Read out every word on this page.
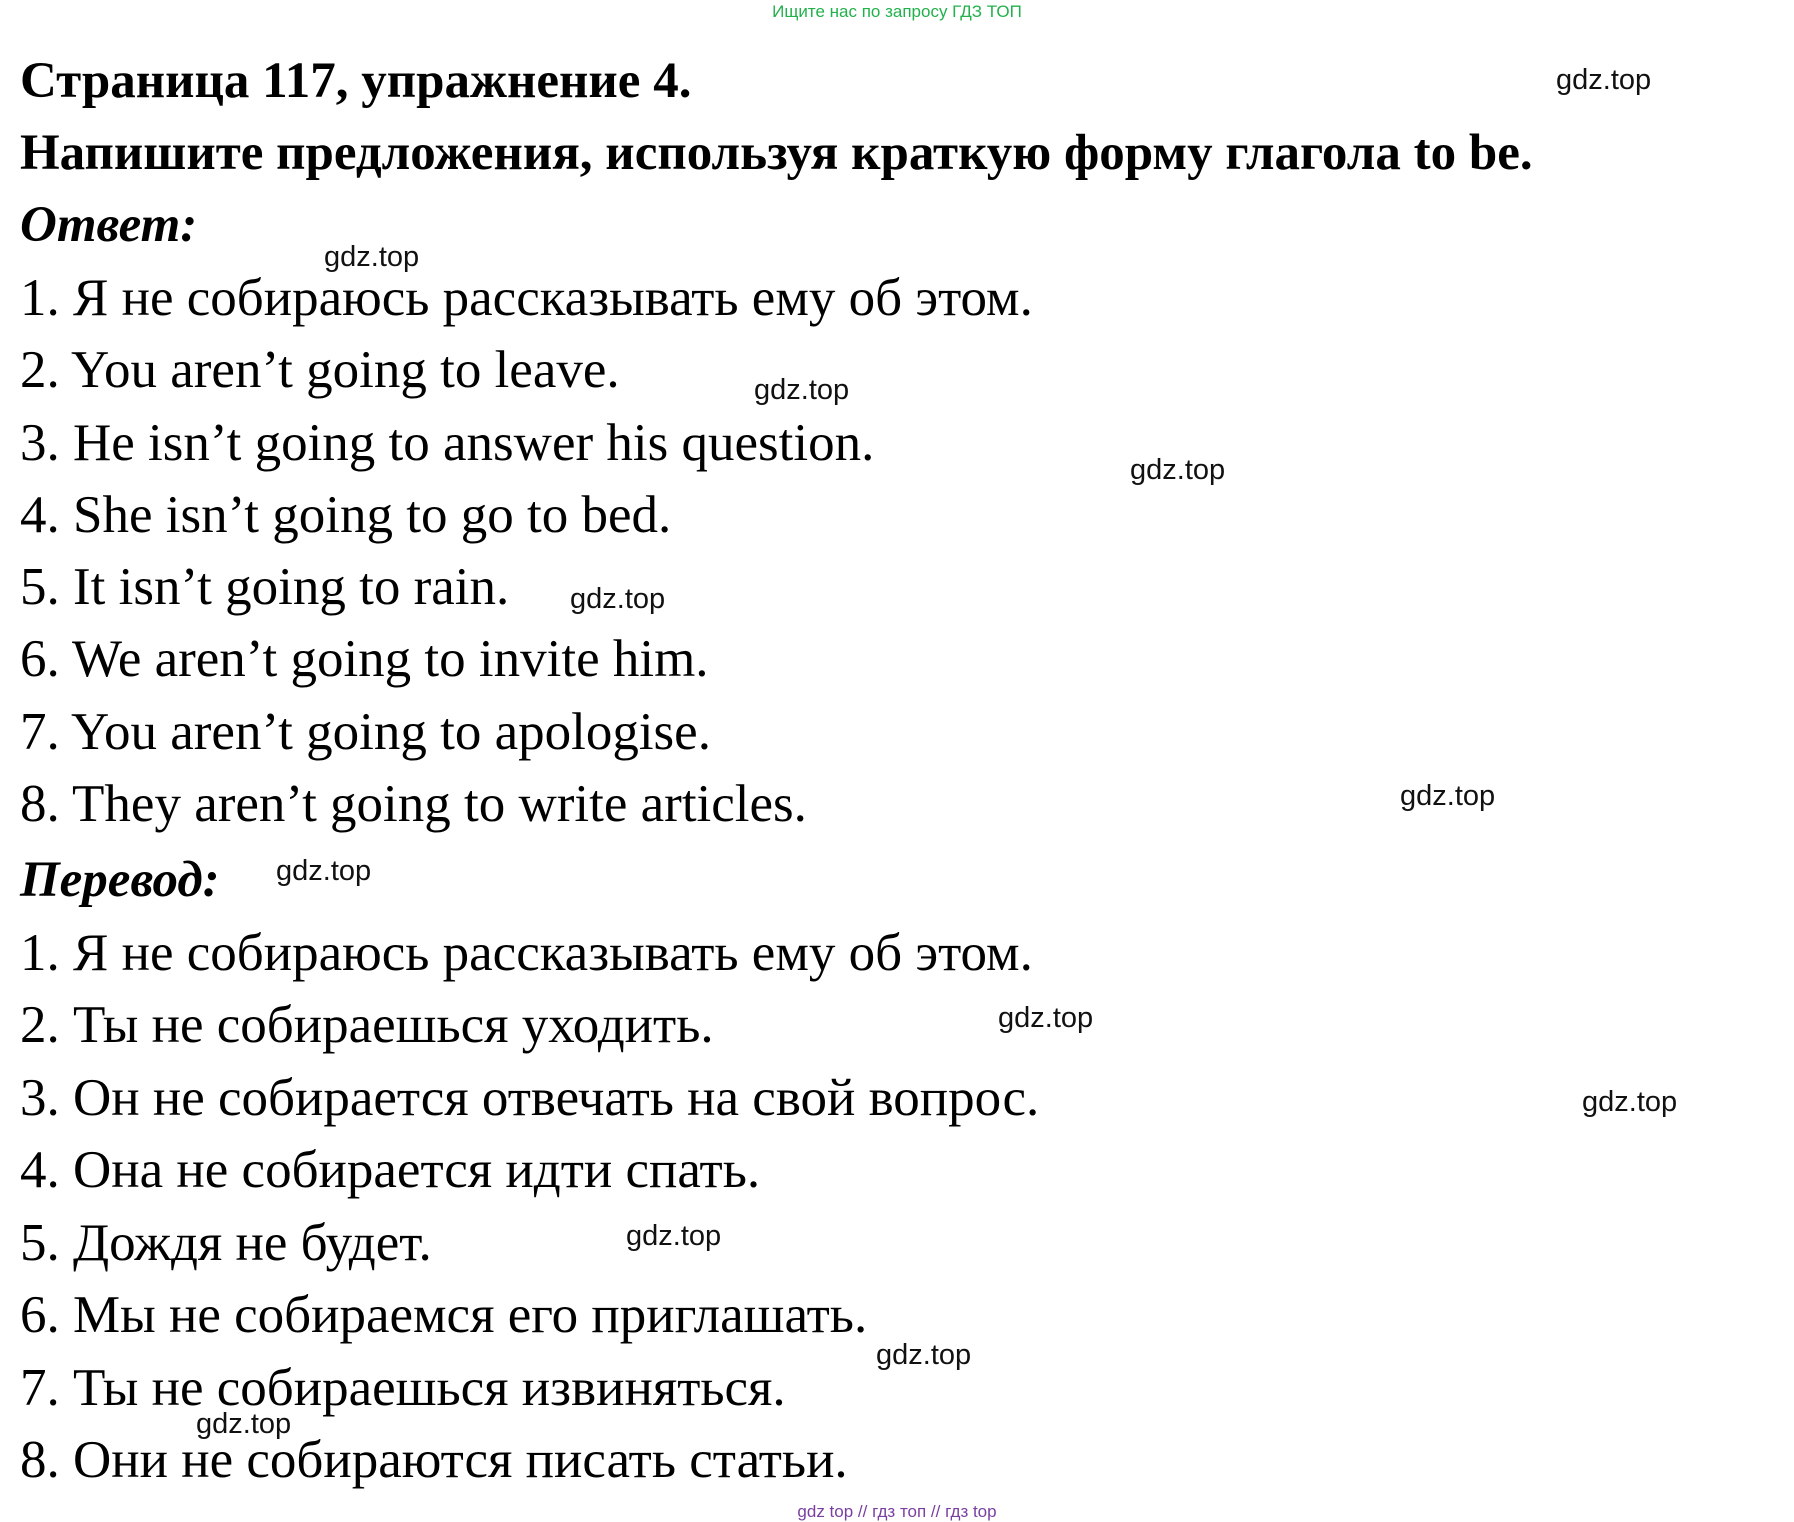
Ищите нас по запросу ГДЗ ТОП
Страница 117, упражнение 4.
Напишите предложения, используя краткую форму глагола to be.
Ответ:
1. Я не собираюсь рассказывать ему об этом.
2. You aren’t going to leave.
3. He isn’t going to answer his question.
4. She isn’t going to go to bed.
5. It isn’t going to rain.
6. We aren’t going to invite him.
7. You aren’t going to apologise.
8. They aren’t going to write articles.
Перевод:
1. Я не собираюсь рассказывать ему об этом.
2. Ты не собираешься уходить.
3. Он не собирается отвечать на свой вопрос.
4. Она не собирается идти спать.
5. Дождя не будет.
6. Мы не собираемся его приглашать.
7. Ты не собираешься извиняться.
8. Они не собираются писать статьи.
gdz.top
gdz.top
gdz.top
gdz.top
gdz.top
gdz.top
gdz.top
gdz.top
gdz.top
gdz.top
gdz.top
gdz.top
gdz top // гдз топ // гдз top
